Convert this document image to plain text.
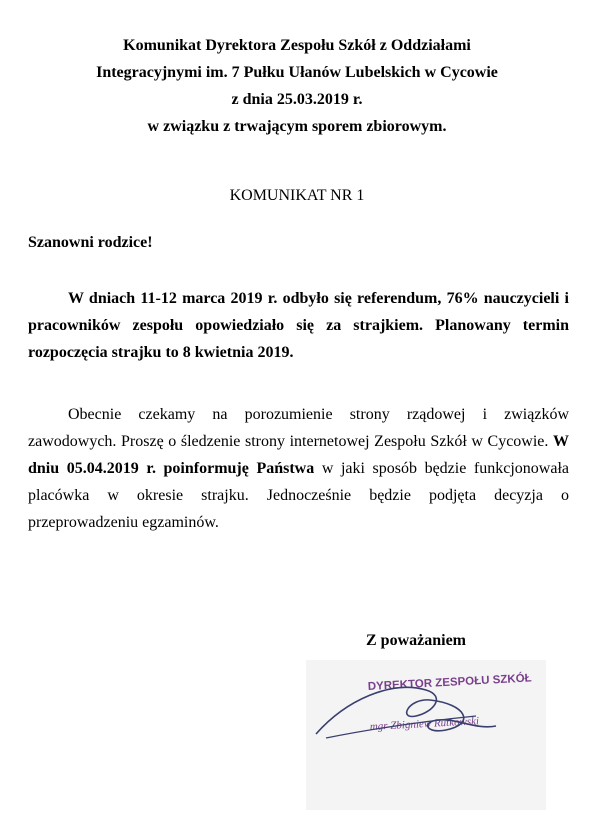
Komunikat Dyrektora Zespołu Szkół z Oddziałami
Integracyjnymi im. 7 Pułku Ułanów Lubelskich w Cycowie
z dnia 25.03.2019 r.
w związku z trwającym sporem zbiorowym.
KOMUNIKAT NR 1
Szanowni rodzice!

W dniach 11-12 marca 2019 r. odbyło się referendum, 76% nauczycieli i pracowników zespołu opowiedziało się za strajkiem. Planowany termin rozpoczęcia strajku to 8 kwietnia 2019.

Obecnie czekamy na porozumienie strony rządowej i związków zawodowych. Proszę o śledzenie strony internetowej Zespołu Szkół w Cycowie. W dniu 05.04.2019 r. poinformuję Państwa w jaki sposób będzie funkcjonowała placówka w okresie strajku. Jednocześnie będzie podjęta decyzja o przeprowadzeniu egzaminów.

Z poważaniem
DYREKTOR ZESPOŁU SZKÓŁ
mgr Zbigniew Rutkowski
